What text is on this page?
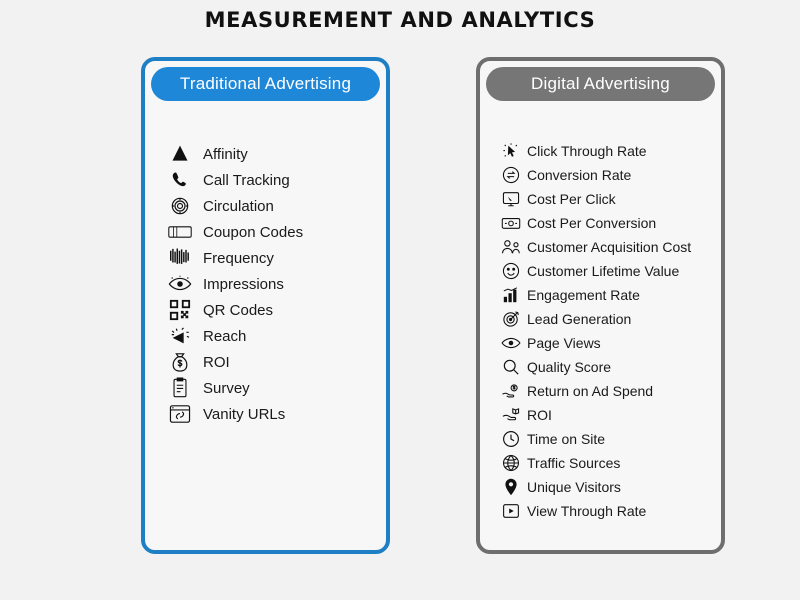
MEASUREMENT AND ANALYTICS
Traditional Advertising
Affinity
Call Tracking
Circulation
Coupon Codes
Frequency
Impressions
QR Codes
Reach
ROI
Survey
Vanity URLs
Digital Advertising
Click Through Rate
Conversion Rate
Cost Per Click
Cost Per Conversion
Customer Acquisition Cost
Customer Lifetime Value
Engagement Rate
Lead Generation
Page Views
Quality Score
Return on Ad Spend
ROI
Time on Site
Traffic Sources
Unique Visitors
View Through Rate
